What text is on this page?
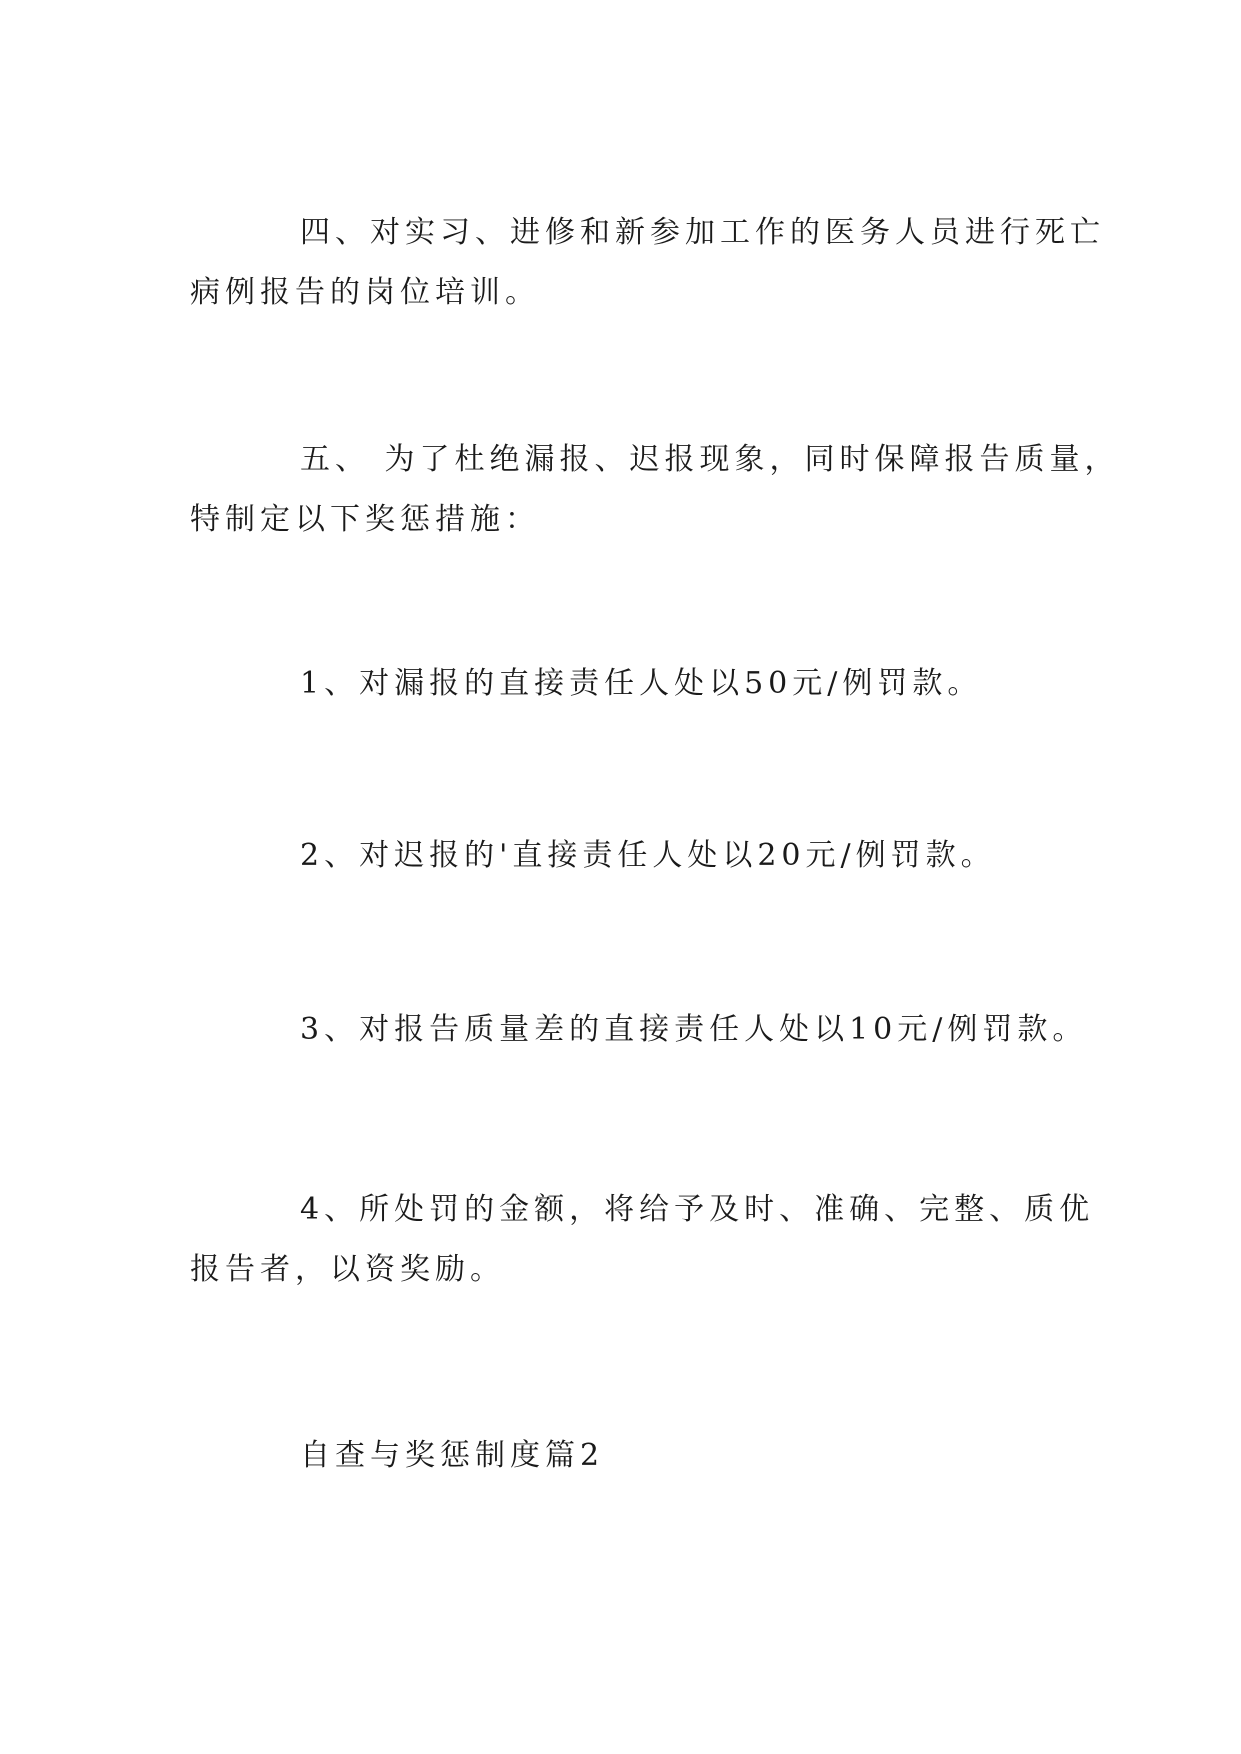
四、对实习、进修和新参加工作的医务人员进行死亡
病例报告的岗位培训。

五、 为了杜绝漏报、迟报现象，同时保障报告质量，
特制定以下奖惩措施：

1、对漏报的直接责任人处以50元/例罚款。

2、对迟报的'直接责任人处以20元/例罚款。

3、对报告质量差的直接责任人处以10元/例罚款。

4、所处罚的金额，将给予及时、准确、完整、质优
报告者，以资奖励。

自查与奖惩制度篇2
